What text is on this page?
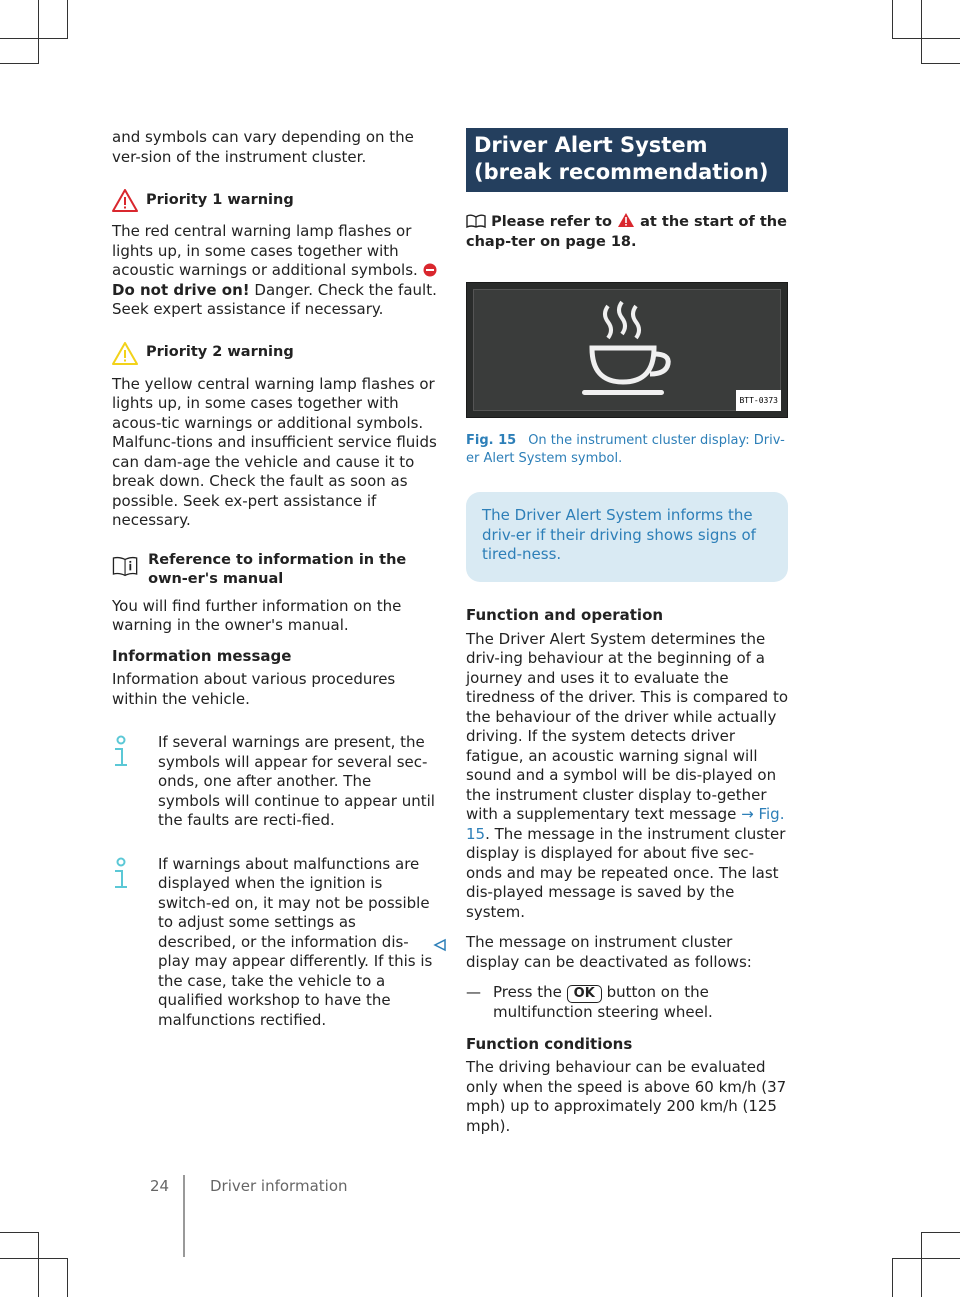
and symbols can vary depending on the ver-sion of the instrument cluster.

Priority 1 warning

The red central warning lamp flashes or lights up, in some cases together with acoustic warnings or additional symbols.  Do not drive on! Danger. Check the fault. Seek expert assistance if necessary.

Priority 2 warning

The yellow central warning lamp flashes or lights up, in some cases together with acous-tic warnings or additional symbols. Malfunc-tions and insufficient service fluids can dam-age the vehicle and cause it to break down. Check the fault as soon as possible. Seek ex-pert assistance if necessary.

Reference to information in the own-er's manual

You will find further information on the warning in the owner's manual.

Information message

Information about various procedures within the vehicle.

If several warnings are present, the symbols will appear for several sec-onds, one after another. The symbols will continue to appear until the faults are recti-fied.

If warnings about malfunctions are displayed when the ignition is switch-ed on, it may not be possible to adjust some settings as described, or the information dis-play may appear differently. If this is the case, take the vehicle to a qualified workshop to have the malfunctions rectified.

Driver Alert System (break recommendation)
Please refer to at the start of the chap-ter on page 18.
BTT-0373
Fig. 15 On the instrument cluster display: Driv-er Alert System symbol.
The Driver Alert System informs the driv-er if their driving shows signs of tired-ness.

Function and operation

The Driver Alert System determines the driv-ing behaviour at the beginning of a journey and uses it to evaluate the tiredness of the driver. This is compared to the behaviour of the driver while actually driving. If the system detects driver fatigue, an acoustic warning signal will sound and a symbol will be dis-played on the instrument cluster display to-gether with a supplementary text message → Fig. 15. The message in the instrument cluster display is displayed for about five sec-onds and may be repeated once. The last dis-played message is saved by the system.

The message on instrument cluster display can be deactivated as follows:

— Press the OK button on the multifunction steering wheel.

Function conditions

The driving behaviour can be evaluated only when the speed is above 60 km/h (37 mph) up to approximately 200 km/h (125 mph).

24	Driver information
